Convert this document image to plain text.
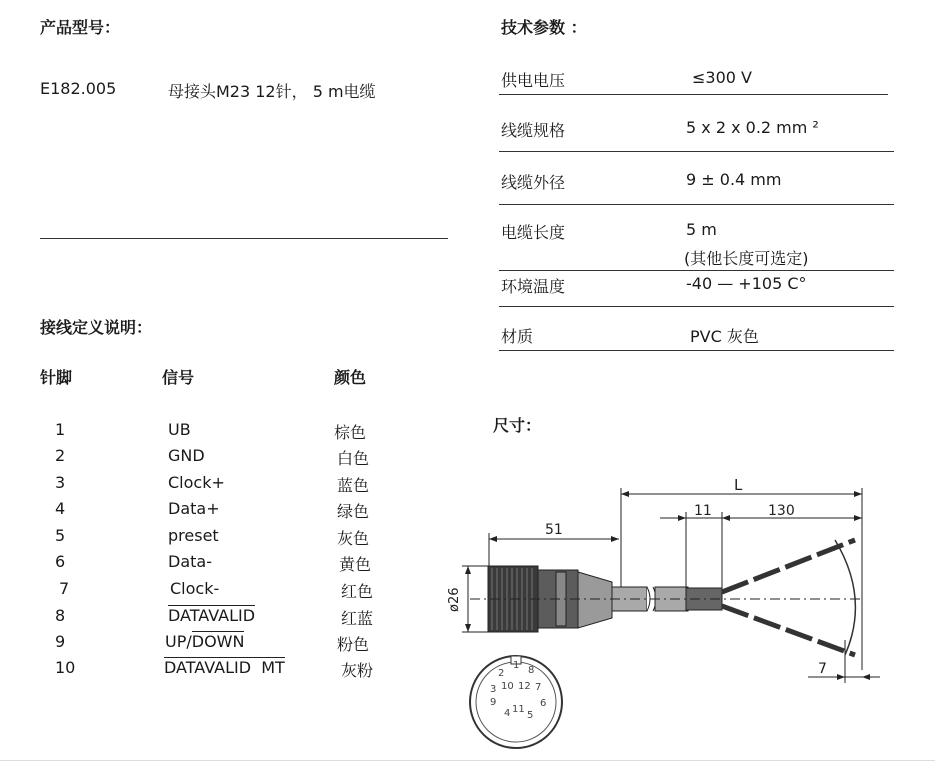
产品型号：
E182.005	母接头M23 12针， 5 m电缆
接线定义说明：
针脚	信号	颜色
1	UB	棕色
2	GND	白色
3	Clock+	蓝色
4	Data+	绿色
5	preset	灰色
6	Data-	黄色
7	Clock-	红色
8	DATAVALID	红蓝
9	UP/DOWN	粉色
10	DATAVALID  MT	灰粉
技术参数 ：
供电电压	≤300 V
线缆规格	5 x 2 x 0.2 mm ²
线缆外径	9 ± 0.4 mm
电缆长度	5 m
(其他长度可选定)
环境温度	-40 — +105 C°
材质	PVC 灰色
尺寸：
L
11	130
51
7
ø26
1 8
2
3 10 12 7
4 11
5
6
9
